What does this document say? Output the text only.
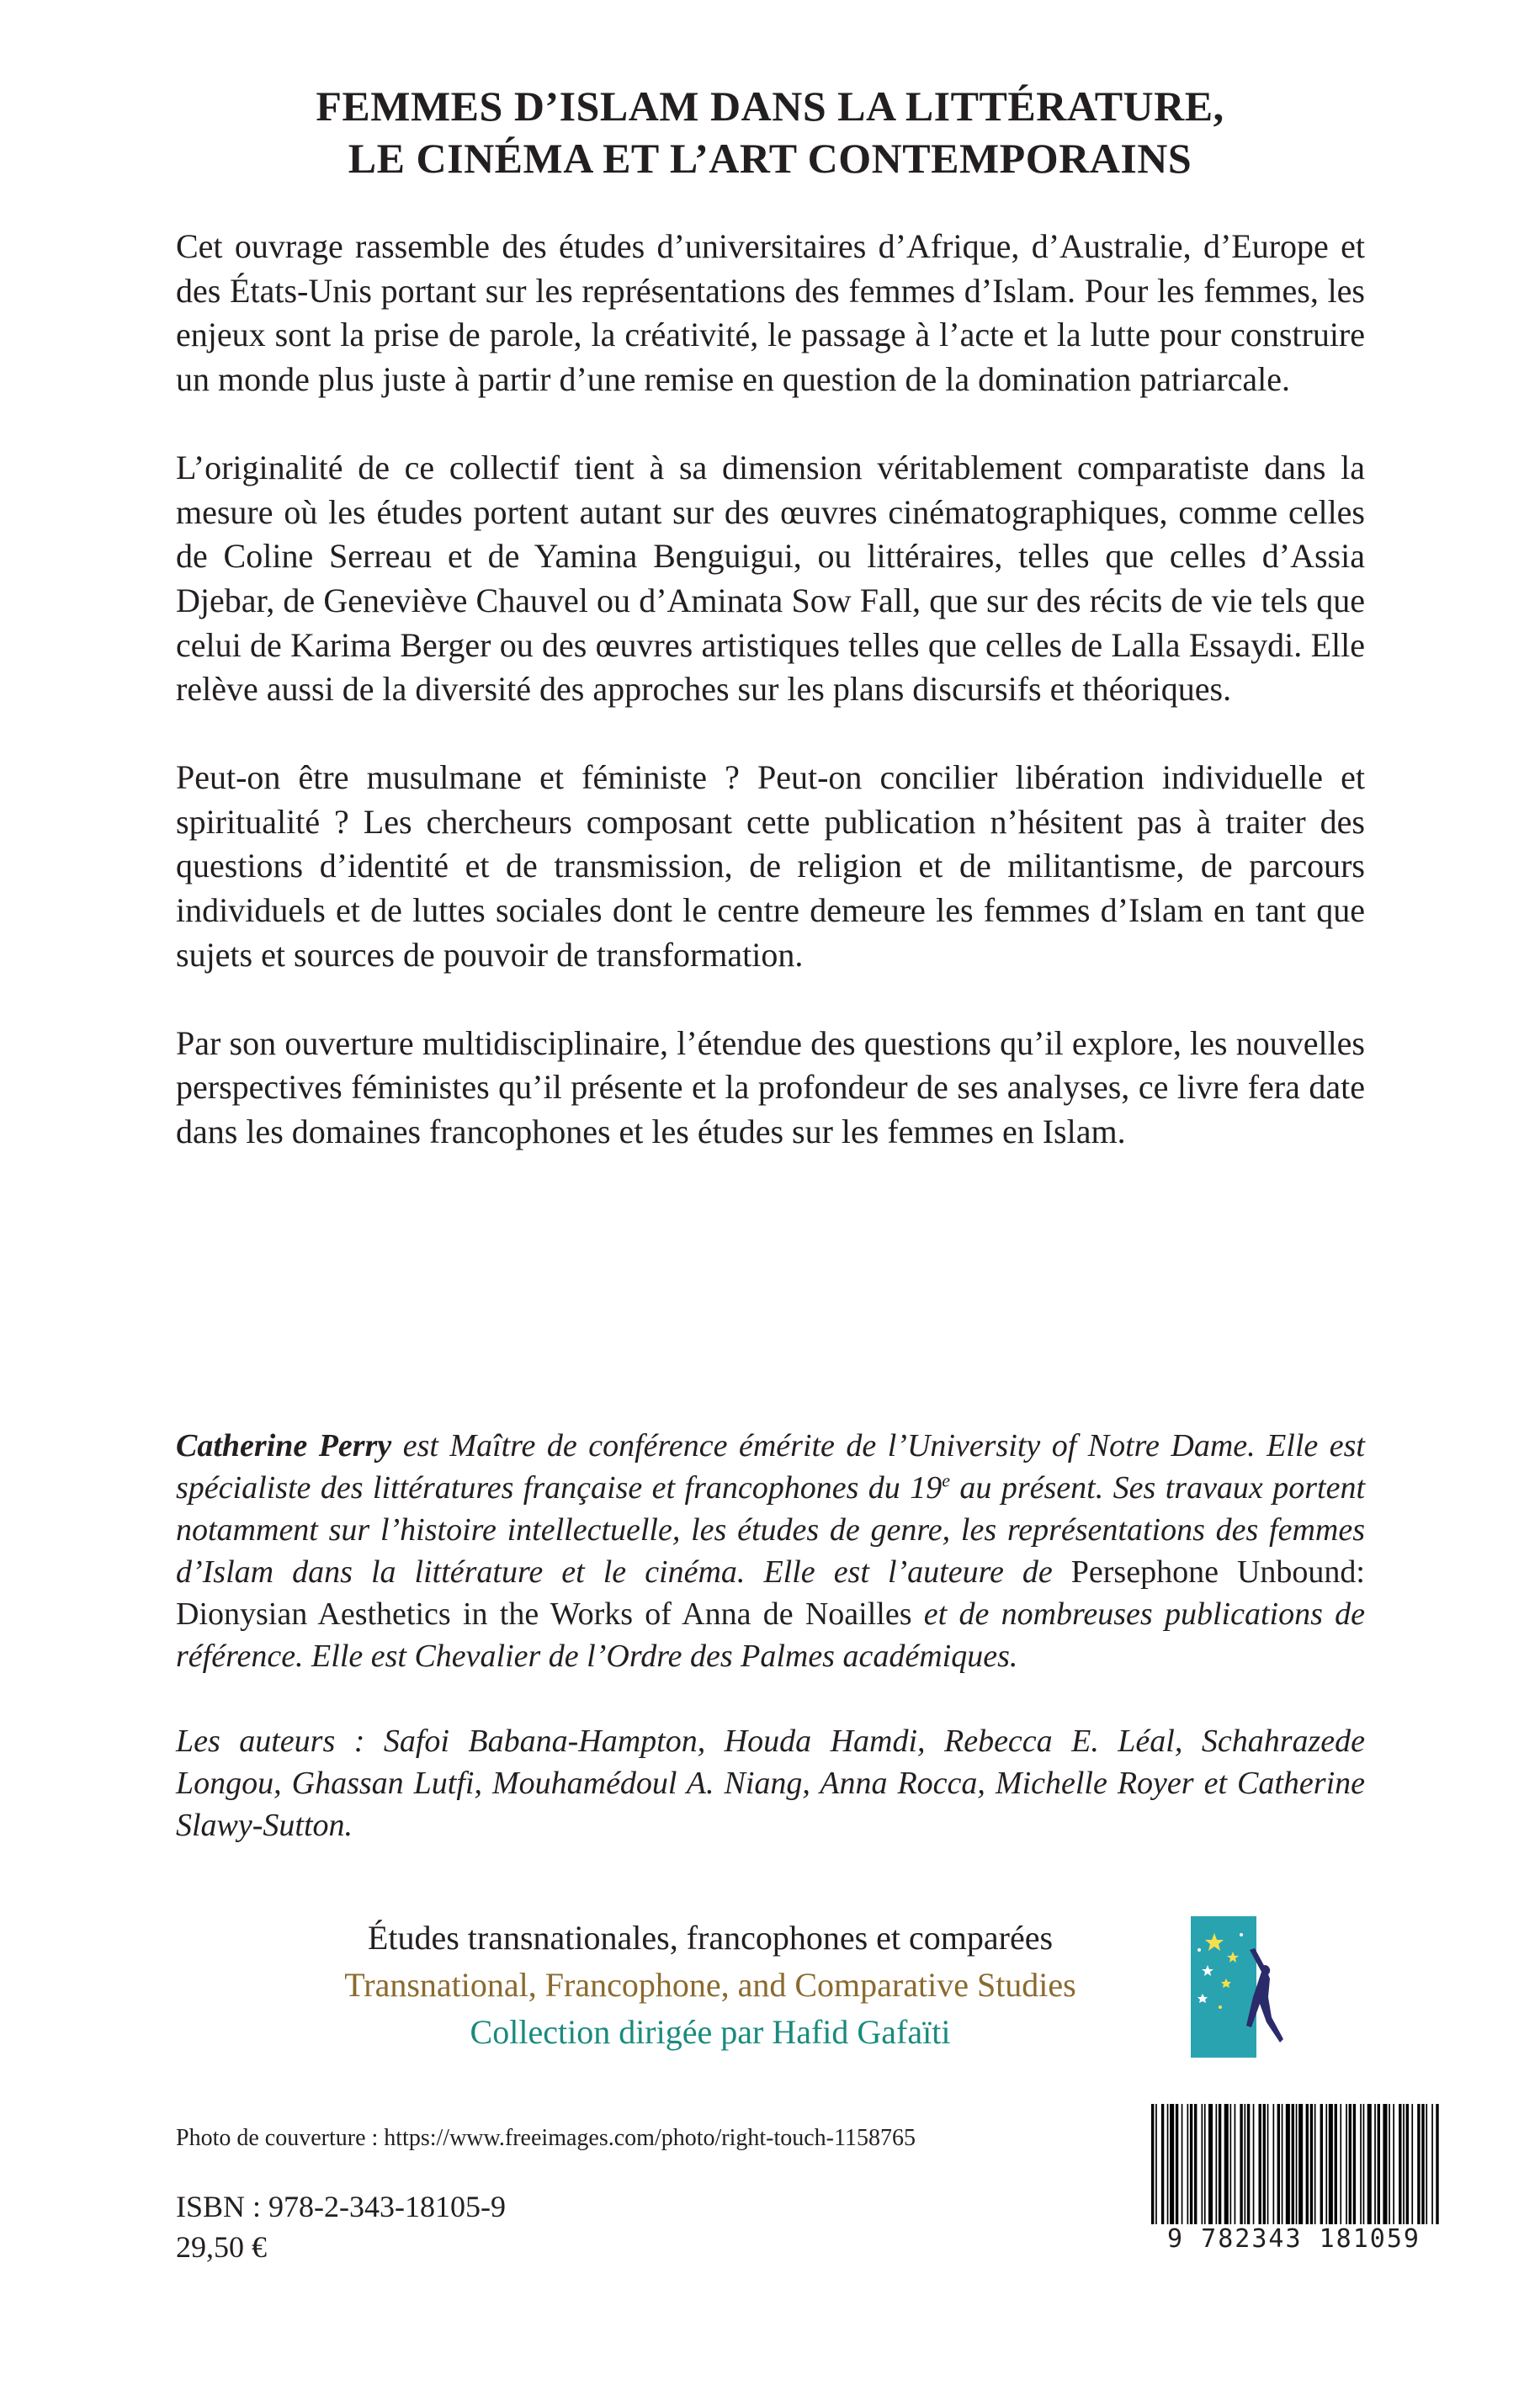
FEMMES D’ISLAM DANS LA LITTÉRATURE,
LE CINÉMA ET L’ART CONTEMPORAINS

Cet ouvrage rassemble des études d’universitaires d’Afrique, d’Australie, d’Europe et des États-Unis portant sur les représentations des femmes d’Islam. Pour les femmes, les enjeux sont la prise de parole, la créativité, le passage à l’acte et la lutte pour construire un monde plus juste à partir d’une remise en question de la domination patriarcale.

L’originalité de ce collectif tient à sa dimension véritablement comparatiste dans la mesure où les études portent autant sur des œuvres cinématographiques, comme celles de Coline Serreau et de Yamina Benguigui, ou littéraires, telles que celles d’Assia Djebar, de Geneviève Chauvel ou d’Aminata Sow Fall, que sur des récits de vie tels que celui de Karima Berger ou des œuvres artistiques telles que celles de Lalla Essaydi. Elle relève aussi de la diversité des approches sur les plans discursifs et théoriques.

Peut-on être musulmane et féministe ? Peut-on concilier libération individuelle et spiritualité ? Les chercheurs composant cette publication n’hésitent pas à traiter des questions d’identité et de transmission, de religion et de militantisme, de parcours individuels et de luttes sociales dont le centre demeure les femmes d’Islam en tant que sujets et sources de pouvoir de transformation.

Par son ouverture multidisciplinaire, l’étendue des questions qu’il explore, les nouvelles perspectives féministes qu’il présente et la profondeur de ses analyses, ce livre fera date dans les domaines francophones et les études sur les femmes en Islam.

Catherine Perry est Maître de conférence émérite de l’University of Notre Dame. Elle est spécialiste des littératures française et francophones du 19e au présent. Ses travaux portent notamment sur l’histoire intellectuelle, les études de genre, les représentations des femmes d’Islam dans la littérature et le cinéma. Elle est l’auteure de Persephone Unbound: Dionysian Aesthetics in the Works of Anna de Noailles et de nombreuses publications de référence. Elle est Chevalier de l’Ordre des Palmes académiques.

Les auteurs : Safoi Babana-Hampton, Houda Hamdi, Rebecca E. Léal, Schahrazede Longou, Ghassan Lutfi, Mouhamédoul A. Niang, Anna Rocca, Michelle Royer et Catherine Slawy-Sutton.

Études transnationales, francophones et comparées
Transnational, Francophone, and Comparative Studies
Collection dirigée par Hafid Gafaïti
Photo de couverture : https://www.freeimages.com/photo/right-touch-1158765
ISBN : 978-2-343-18105-9
29,50 €	9 782343 181059
